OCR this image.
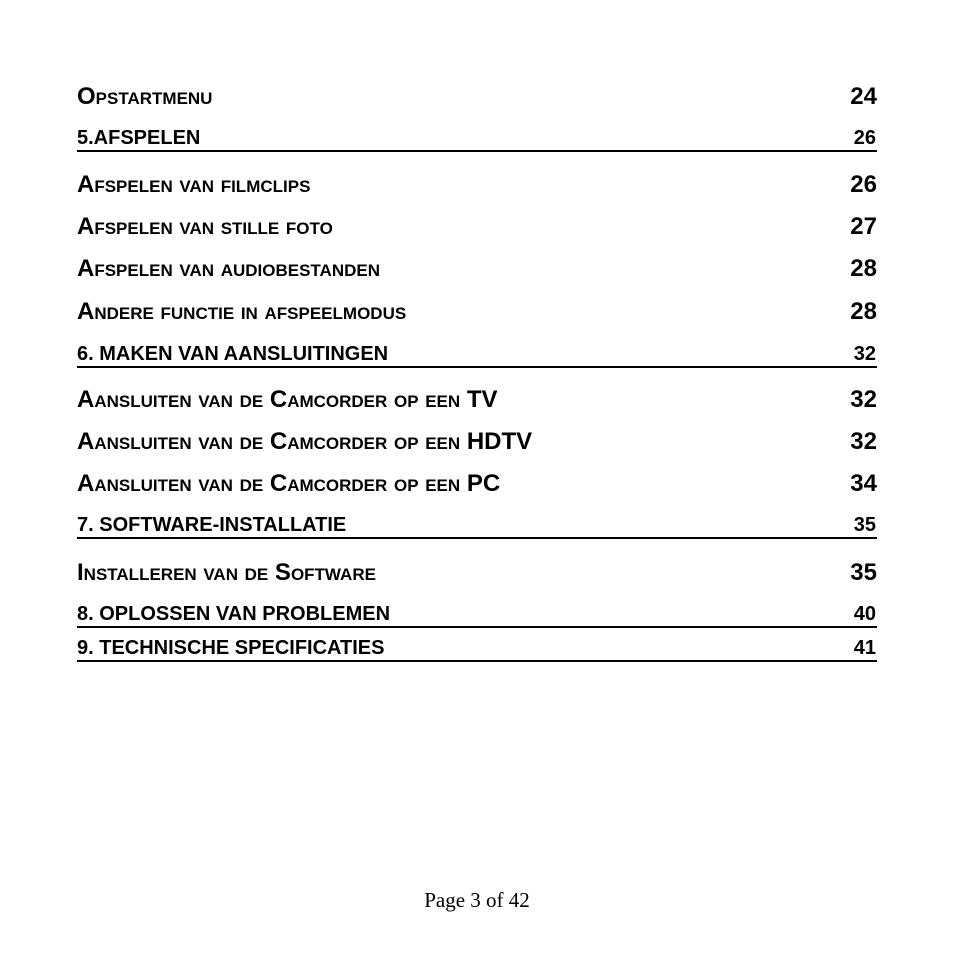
Opstartmenu	24
5.AFSPELEN	26
Afspelen van filmclips	26
Afspelen van stille foto	27
Afspelen van audiobestanden	28
Andere functie in afspeelmodus	28
6. MAKEN VAN AANSLUITINGEN	32
Aansluiten van de Camcorder op een TV	32
Aansluiten van de Camcorder op een HDTV	32
Aansluiten van de Camcorder op een PC	34
7. SOFTWARE-INSTALLATIE	35
Installeren van de Software	35
8. OPLOSSEN VAN PROBLEMEN	40
9. TECHNISCHE SPECIFICATIES	41
Page 3 of 42
